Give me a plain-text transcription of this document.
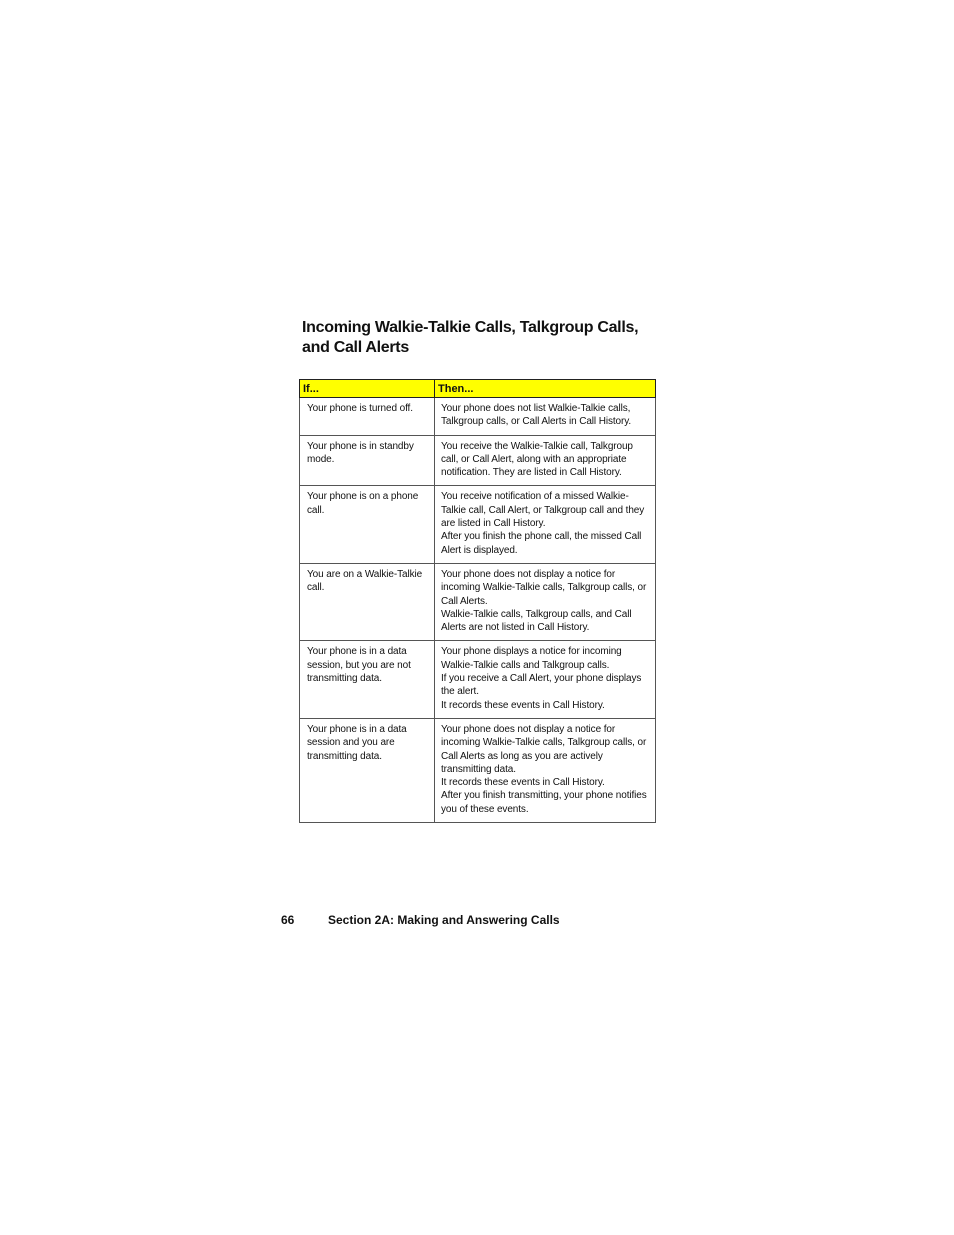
Incoming Walkie-Talkie Calls, Talkgroup Calls, and Call Alerts
If...	Then...
Your phone is turned off.	Your phone does not list Walkie-Talkie calls, Talkgroup calls, or Call Alerts in Call History.

Your phone is in standby mode.	You receive the Walkie-Talkie call, Talkgroup call, or Call Alert, along with an appropriate notification. They are listed in Call History.

Your phone is on a phone call.	You receive notification of a missed Walkie-Talkie call, Call Alert, or Talkgroup call and they are listed in Call History.
After you finish the phone call, the missed Call Alert is displayed.

You are on a Walkie-Talkie call.	Your phone does not display a notice for incoming Walkie-Talkie calls, Talkgroup calls, or Call Alerts.
Walkie-Talkie calls, Talkgroup calls, and Call Alerts are not listed in Call History.

Your phone is in a data session, but you are not transmitting data.	Your phone displays a notice for incoming Walkie-Talkie calls and Talkgroup calls.
If you receive a Call Alert, your phone displays the alert.
It records these events in Call History.

Your phone is in a data session and you are transmitting data.	Your phone does not display a notice for incoming Walkie-Talkie calls, Talkgroup calls, or Call Alerts as long as you are actively transmitting data.
It records these events in Call History.
After you finish transmitting, your phone notifies you of these events.
66	Section 2A: Making and Answering Calls
